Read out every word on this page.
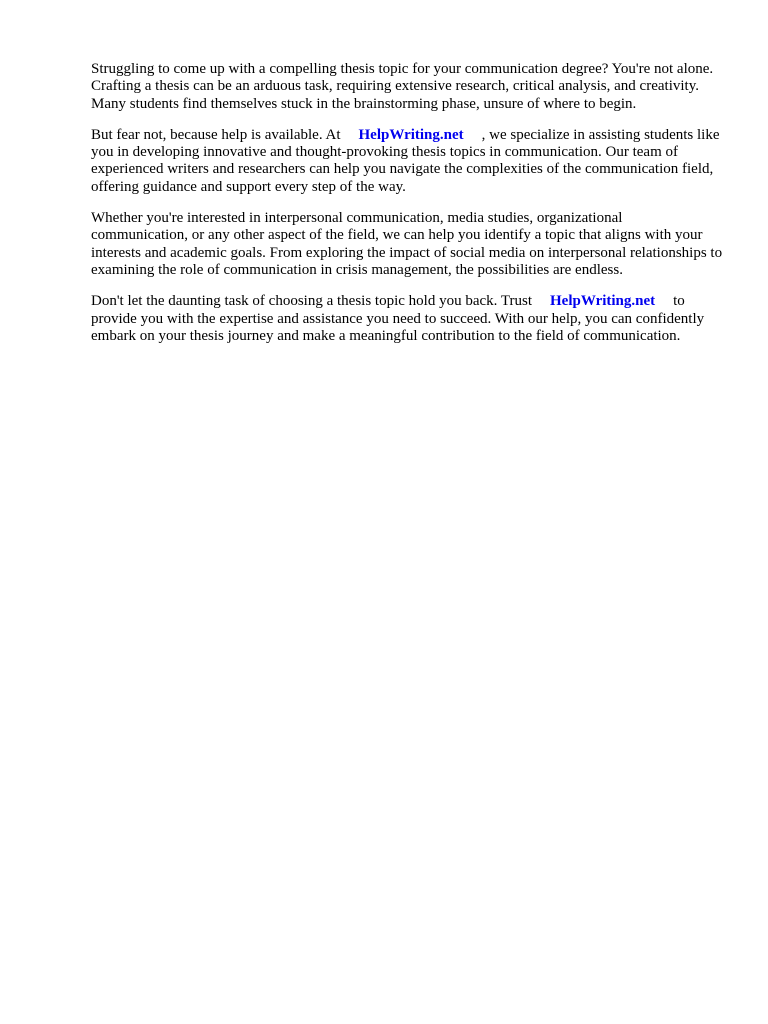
Struggling to come up with a compelling thesis topic for your communication degree? You're not alone. Crafting a thesis can be an arduous task, requiring extensive research, critical analysis, and creativity. Many students find themselves stuck in the brainstorming phase, unsure of where to begin.

But fear not, because help is available. At HelpWriting.net , we specialize in assisting students like you in developing innovative and thought-provoking thesis topics in communication. Our team of experienced writers and researchers can help you navigate the complexities of the communication field, offering guidance and support every step of the way.

Whether you're interested in interpersonal communication, media studies, organizational communication, or any other aspect of the field, we can help you identify a topic that aligns with your interests and academic goals. From exploring the impact of social media on interpersonal relationships to examining the role of communication in crisis management, the possibilities are endless.

Don't let the daunting task of choosing a thesis topic hold you back. Trust HelpWriting.net to provide you with the expertise and assistance you need to succeed. With our help, you can confidently embark on your thesis journey and make a meaningful contribution to the field of communication.
